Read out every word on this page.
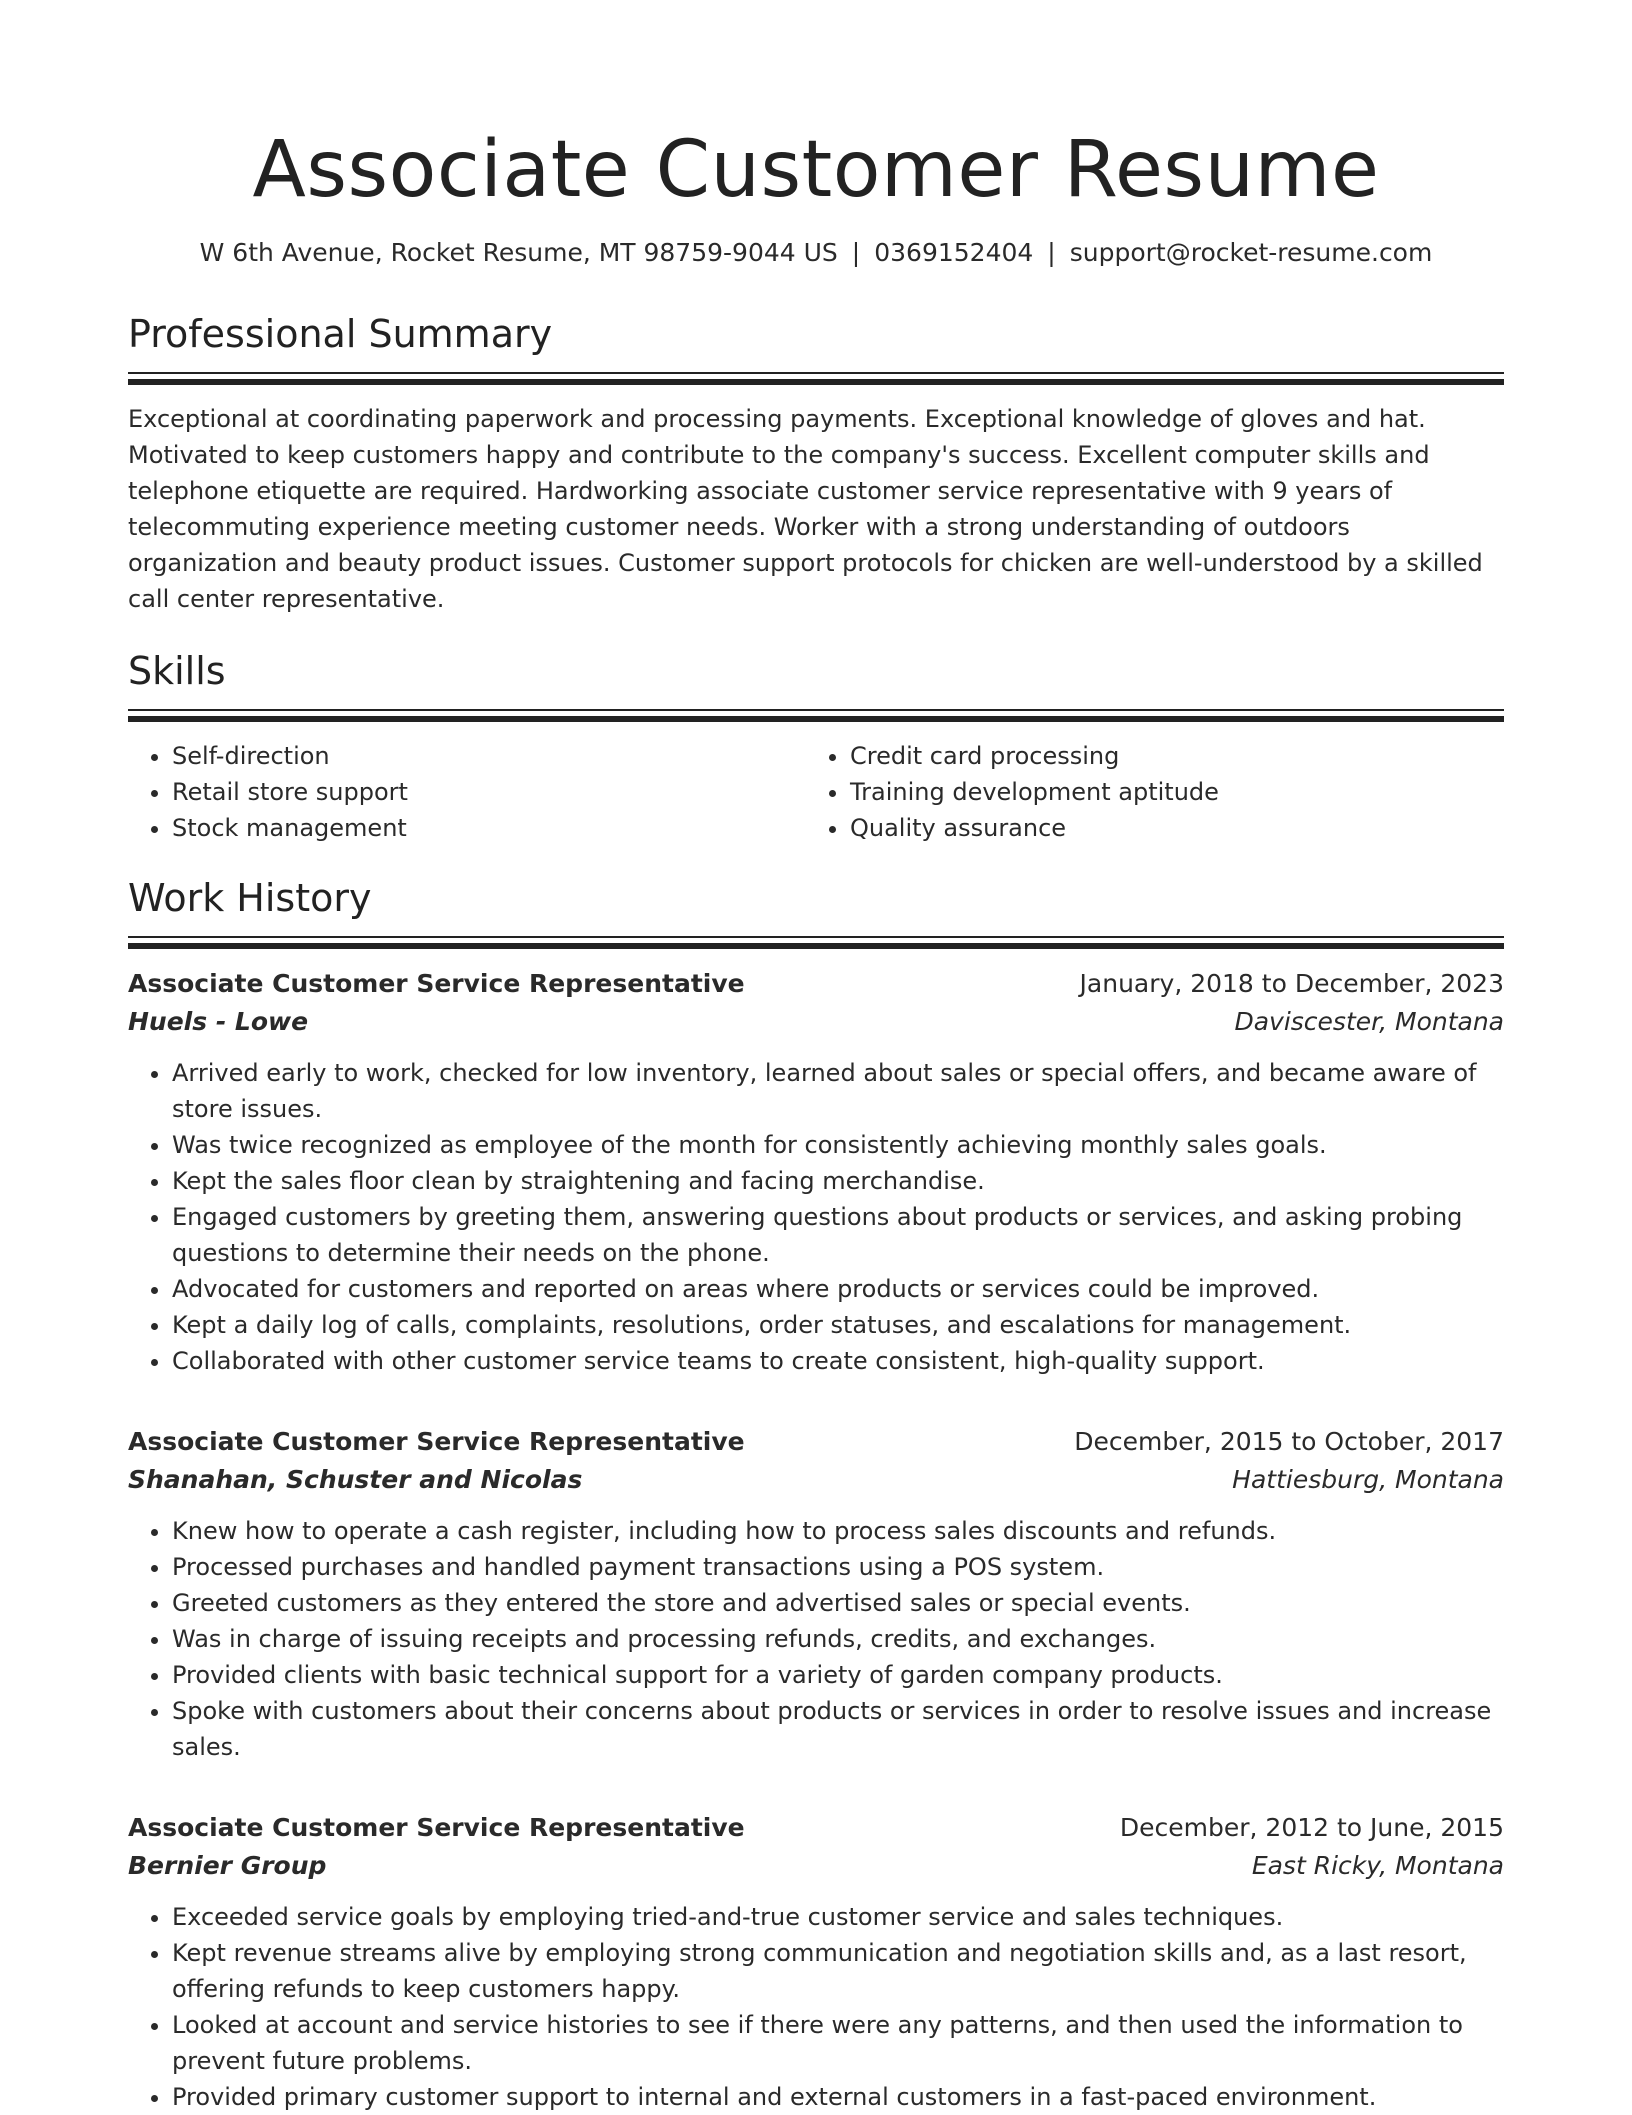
Associate Customer Resume
W 6th Avenue, Rocket Resume, MT 98759-9044 US | 0369152404 | support@rocket-resume.com
Professional Summary

Exceptional at coordinating paperwork and processing payments. Exceptional knowledge of gloves and hat. Motivated to keep customers happy and contribute to the company's success. Excellent computer skills and telephone etiquette are required. Hardworking associate customer service representative with 9 years of telecommuting experience meeting customer needs. Worker with a strong understanding of outdoors organization and beauty product issues. Customer support protocols for chicken are well-understood by a skilled call center representative.

Skills
• Self-direction
• Retail store support
• Stock management
• Credit card processing
• Training development aptitude
• Quality assurance
Work History
Associate Customer Service Representative	January, 2018 to December, 2023
Huels - Lowe	Daviscester, Montana
• Arrived early to work, checked for low inventory, learned about sales or special offers, and became aware of store issues.
• Was twice recognized as employee of the month for consistently achieving monthly sales goals.
• Kept the sales floor clean by straightening and facing merchandise.
• Engaged customers by greeting them, answering questions about products or services, and asking probing questions to determine their needs on the phone.
• Advocated for customers and reported on areas where products or services could be improved.
• Kept a daily log of calls, complaints, resolutions, order statuses, and escalations for management.
• Collaborated with other customer service teams to create consistent, high-quality support.
Associate Customer Service Representative	December, 2015 to October, 2017
Shanahan, Schuster and Nicolas	Hattiesburg, Montana
• Knew how to operate a cash register, including how to process sales discounts and refunds.
• Processed purchases and handled payment transactions using a POS system.
• Greeted customers as they entered the store and advertised sales or special events.
• Was in charge of issuing receipts and processing refunds, credits, and exchanges.
• Provided clients with basic technical support for a variety of garden company products.
• Spoke with customers about their concerns about products or services in order to resolve issues and increase sales.
Associate Customer Service Representative	December, 2012 to June, 2015
Bernier Group	East Ricky, Montana
• Exceeded service goals by employing tried-and-true customer service and sales techniques.
• Kept revenue streams alive by employing strong communication and negotiation skills and, as a last resort, offering refunds to keep customers happy.
• Looked at account and service histories to see if there were any patterns, and then used the information to prevent future problems.
• Provided primary customer support to internal and external customers in a fast-paced environment.
